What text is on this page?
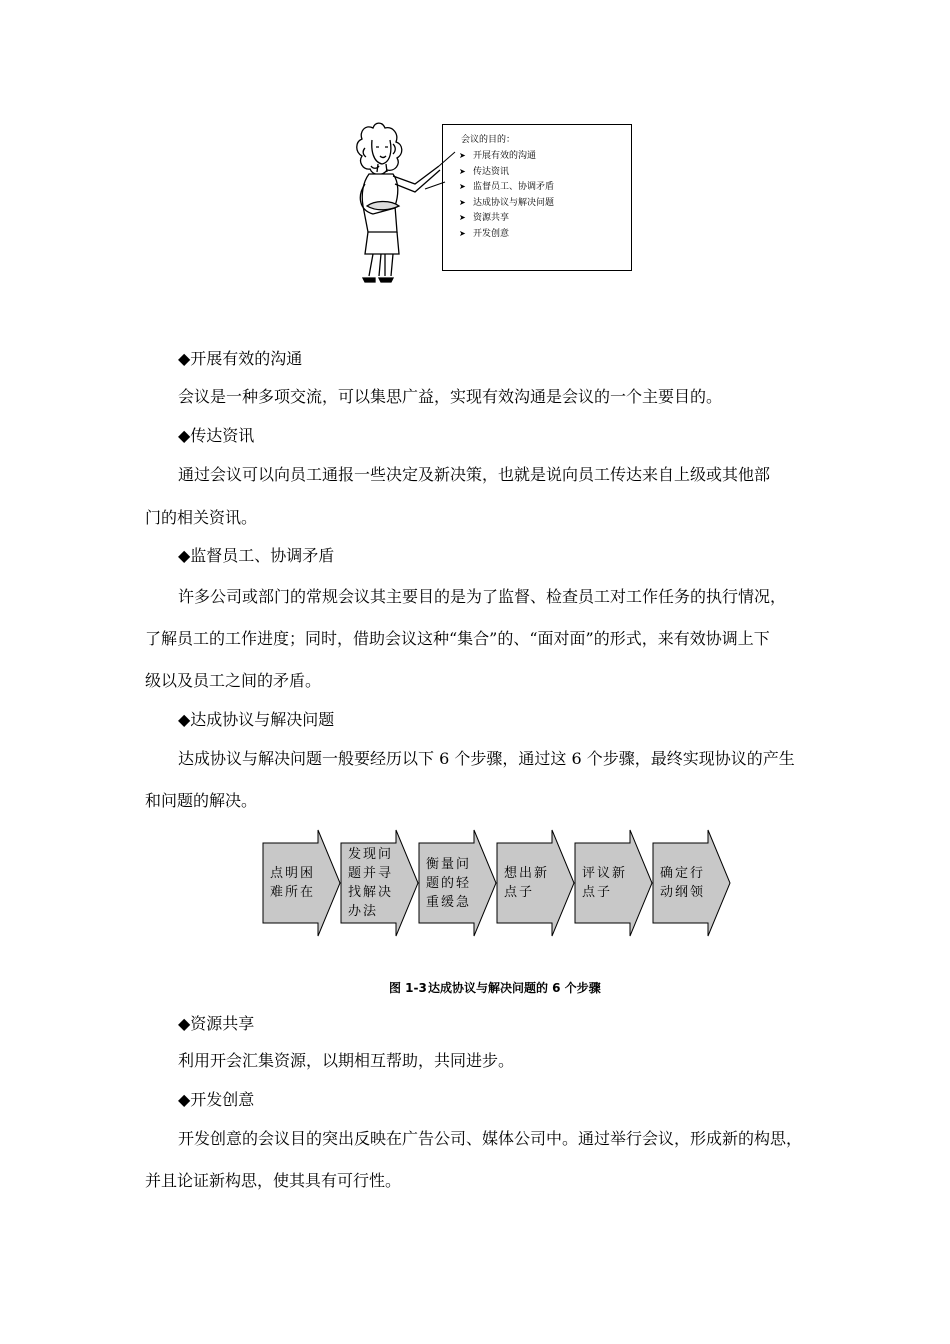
会议的目的：
➤ 开展有效的沟通
➤ 传达资讯
➤ 监督员工、协调矛盾
➤ 达成协议与解决问题
➤ 资源共享
➤ 开发创意
◆开展有效的沟通
会议是一种多项交流，可以集思广益，实现有效沟通是会议的一个主要目的。
◆传达资讯
通过会议可以向员工通报一些决定及新决策，也就是说向员工传达来自上级或其他部
门的相关资讯。
◆监督员工、协调矛盾
许多公司或部门的常规会议其主要目的是为了监督、检查员工对工作任务的执行情况，
了解员工的工作进度；同时，借助会议这种“集合”的、“面对面”的形式，来有效协调上下
级以及员工之间的矛盾。
◆达成协议与解决问题
达成协议与解决问题一般要经历以下 6 个步骤，通过这 6 个步骤，最终实现协议的产生
和问题的解决。
点明困
难所在
发现问
题并寻
找解决
办法
衡量问
题的轻
重缓急
想出新
点子
评议新
点子
确定行
动纲领
图 1-3 达成协议与解决问题的 6 个步骤
◆资源共享
利用开会汇集资源，以期相互帮助，共同进步。
◆开发创意
开发创意的会议目的突出反映在广告公司、媒体公司中。通过举行会议，形成新的构思，
并且论证新构思，使其具有可行性。
